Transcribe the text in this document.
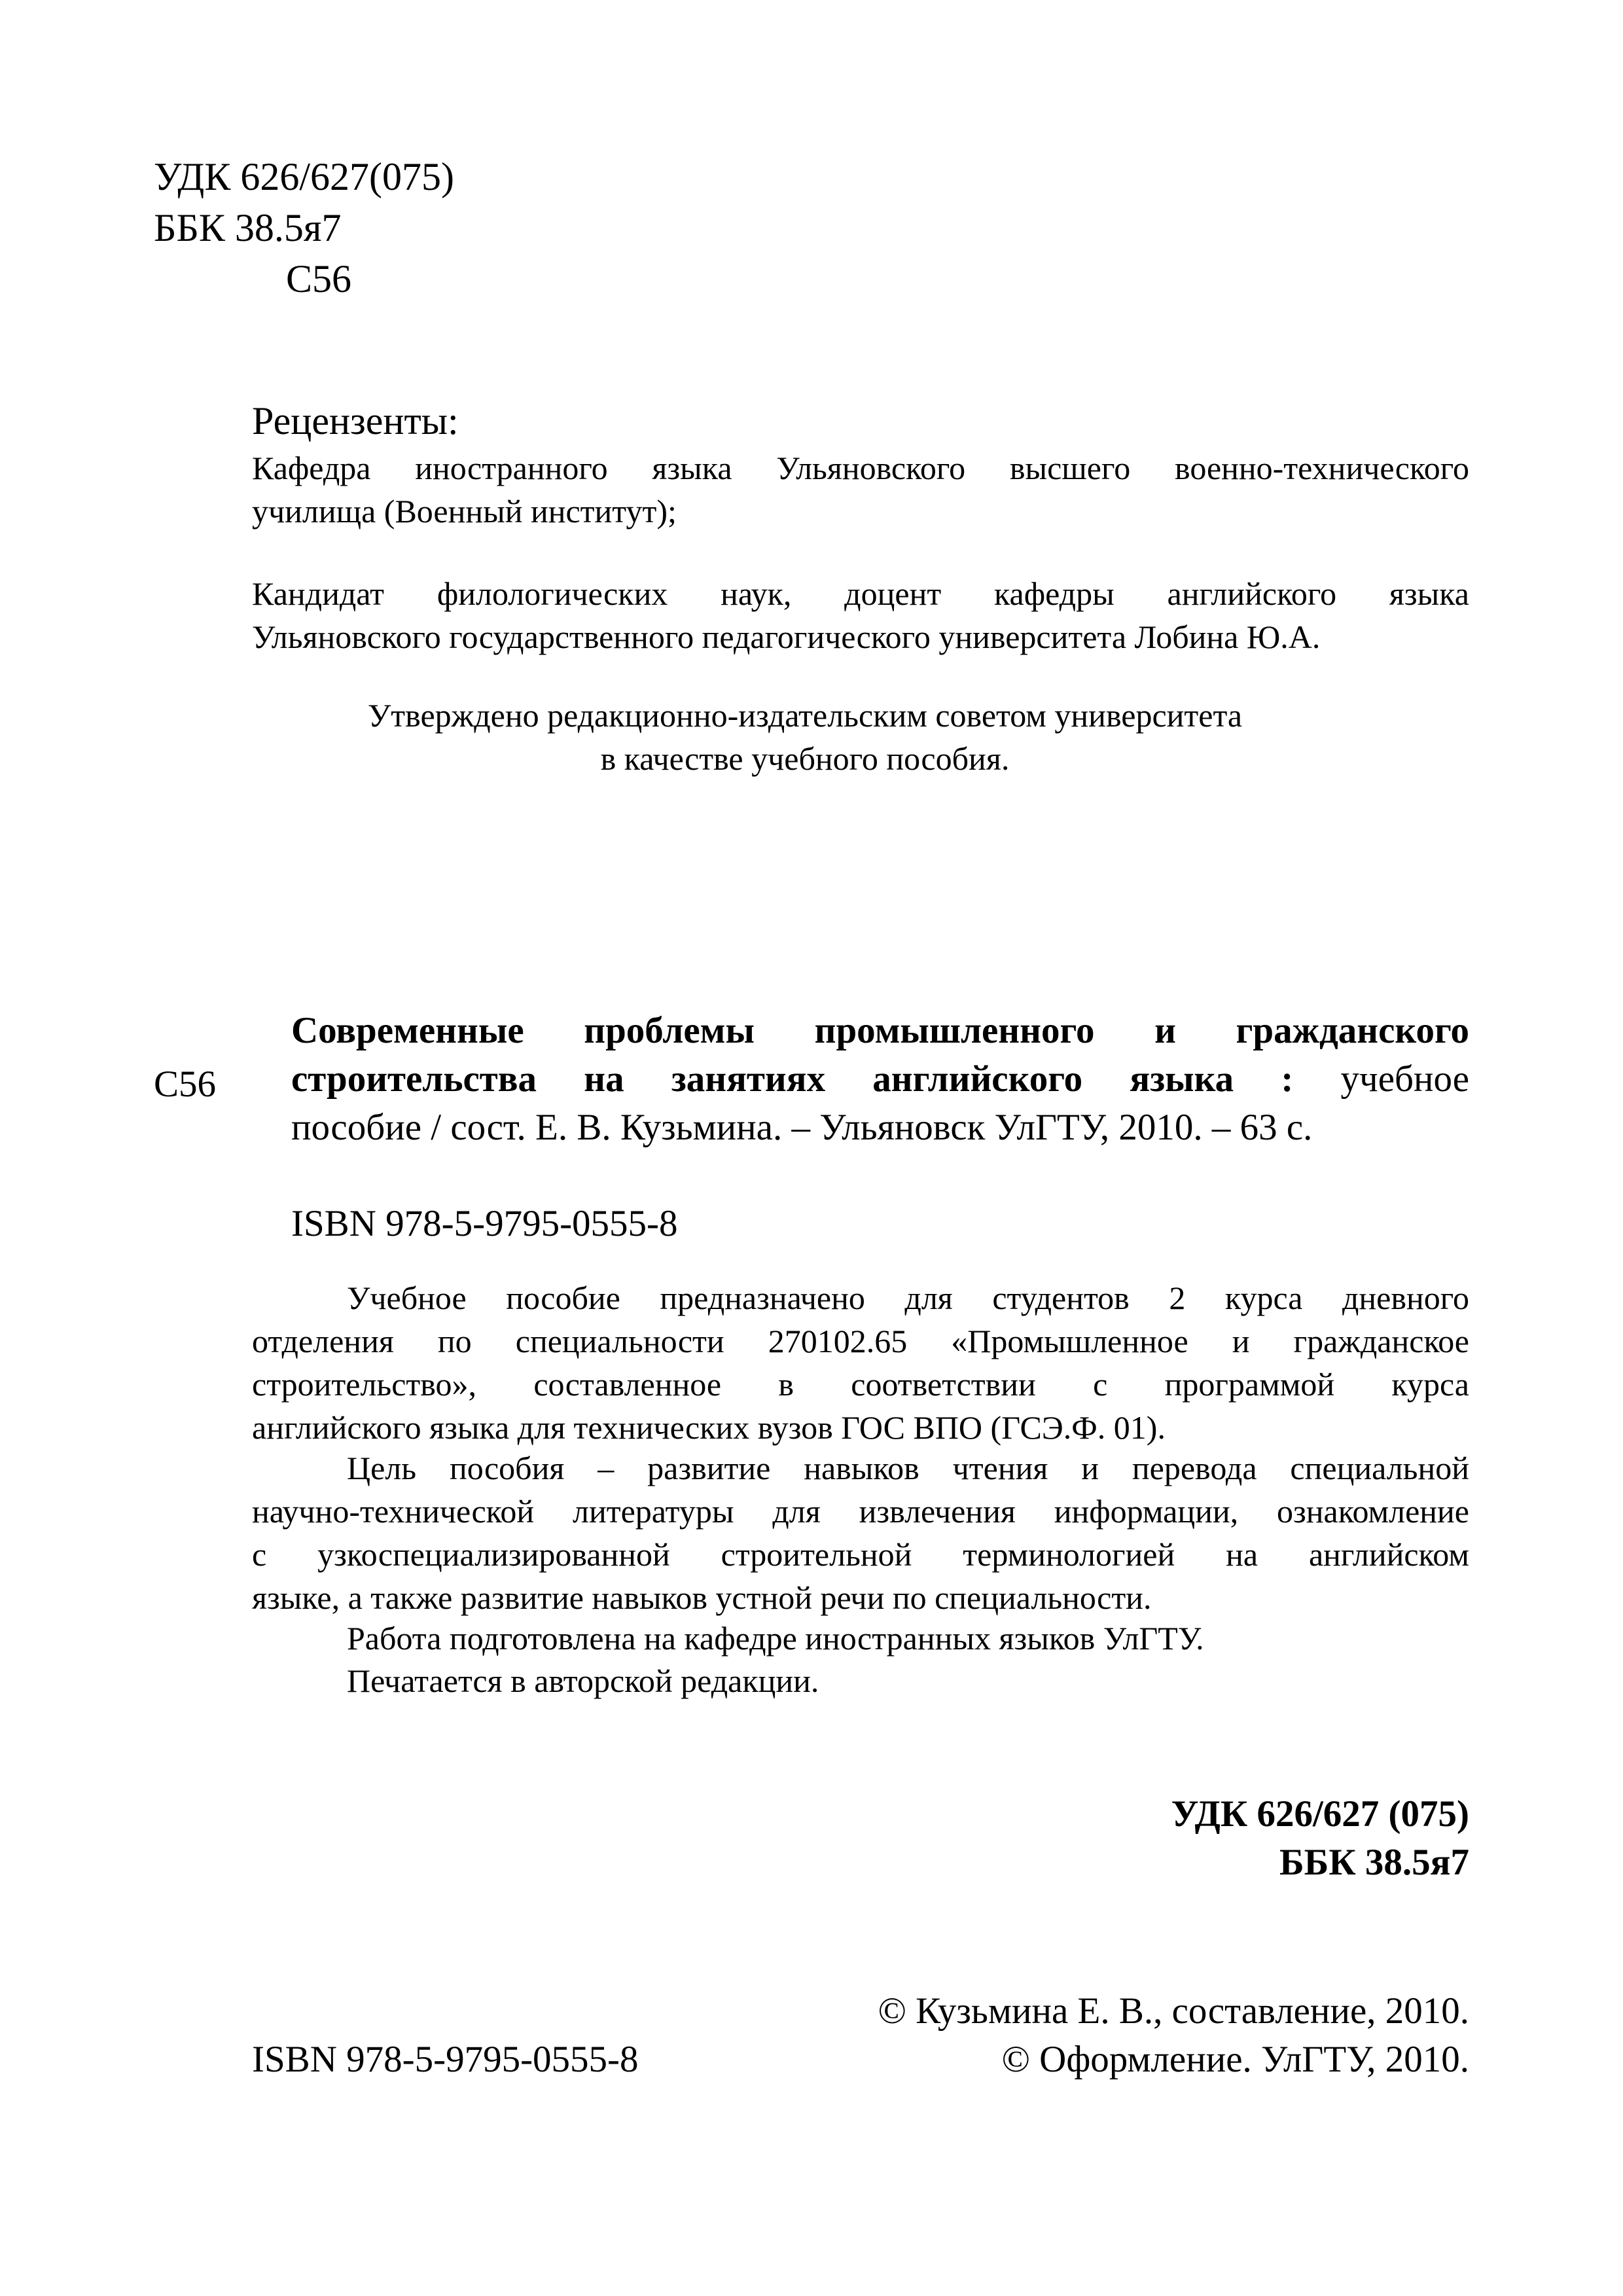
УДК 626/627(075)
ББК 38.5я7
С56
Рецензенты:
Кафедра иностранного языка Ульяновского высшего военно-технического
училища (Военный институт);
Кандидат филологических наук, доцент кафедры английского языка
Ульяновского государственного педагогического университета Лобина Ю.А.
Утверждено редакционно-издательским советом университета
в качестве учебного пособия.
С56
Современные проблемы промышленного и гражданского
строительства на занятиях английского языка : учебное
пособие / сост. Е. В. Кузьмина. – Ульяновск УлГТУ, 2010. – 63 с.
ISBN 978-5-9795-0555-8
Учебное пособие предназначено для студентов 2 курса дневного
отделения по специальности 270102.65 «Промышленное и гражданское
строительство», составленное в соответствии с программой курса
английского языка для технических вузов ГОС ВПО (ГСЭ.Ф. 01).
Цель пособия – развитие навыков чтения и перевода специальной
научно-технической литературы для извлечения информации, ознакомление
с узкоспециализированной строительной терминологией на английском
языке, а также развитие навыков устной речи по специальности.
Работа подготовлена на кафедре иностранных языков УлГТУ.
Печатается в авторской редакции.
УДК 626/627 (075)
ББК 38.5я7
© Кузьмина Е. В., составление, 2010.
© Оформление. УлГТУ, 2010.
ISBN 978-5-9795-0555-8
